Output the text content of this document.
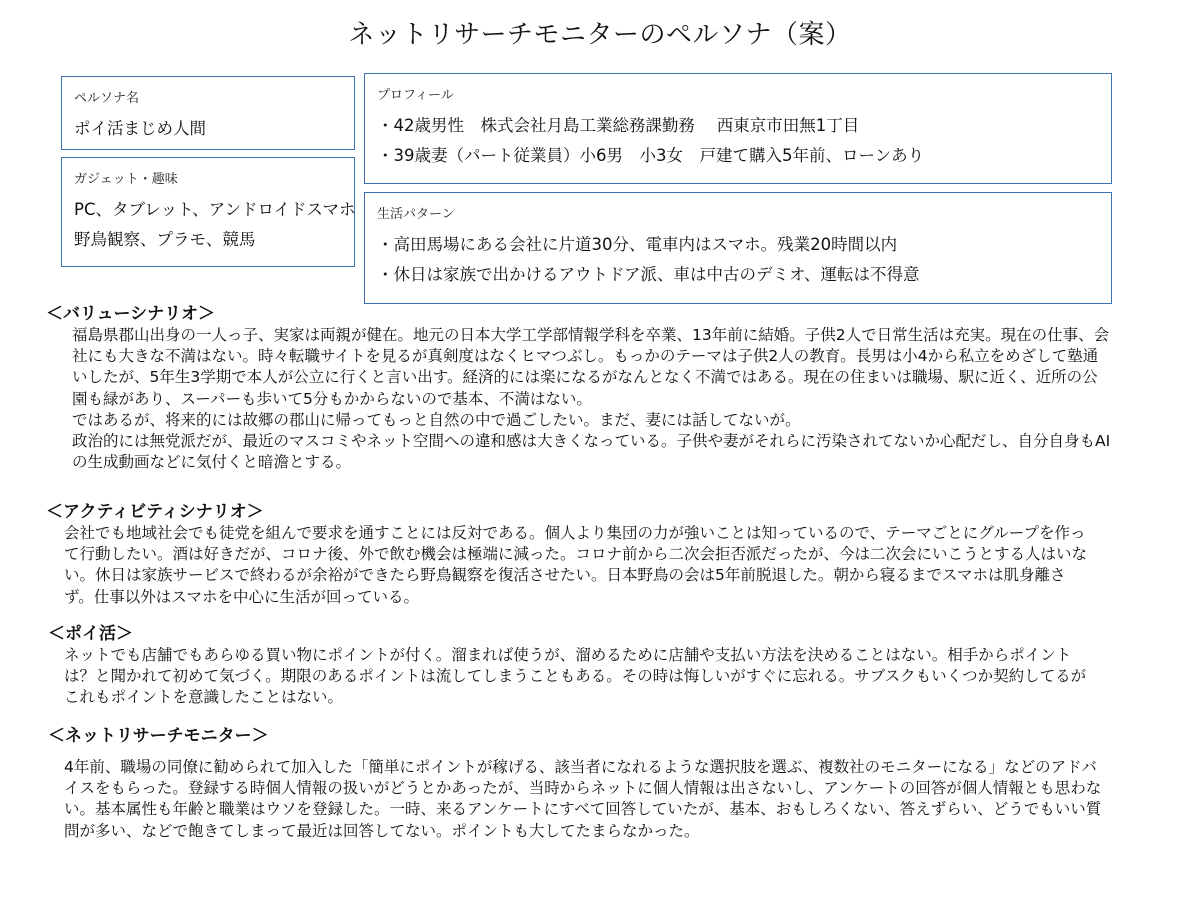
ネットリサーチモニターのペルソナ（案）
ペルソナ名
ポイ活まじめ人間
ガジェット・趣味
PC、タブレット、アンドロイドスマホ
野鳥観察、プラモ、競馬
プロフィール
・42歳男性　株式会社月島工業総務課勤務　 西東京市田無1丁目
・39歳妻（パート従業員）小6男　小3女　戸建て購入5年前、ローンあり
生活パターン
・高田馬場にある会社に片道30分、電車内はスマホ。残業20時間以内
・休日は家族で出かけるアウトドア派、車は中古のデミオ、運転は不得意
＜バリューシナリオ＞
福島県郡山出身の一人っ子、実家は両親が健在。地元の日本大学工学部情報学科を卒業、13年前に結婚。子供2人で日常生活は充実。現在の仕事、会社にも大きな不満はない。時々転職サイトを見るが真剣度はなくヒマつぶし。もっかのテーマは子供2人の教育。長男は小4から私立をめざして塾通いしたが、5年生3学期で本人が公立に行くと言い出す。経済的には楽になるがなんとなく不満ではある。現在の住まいは職場、駅に近く、近所の公園も緑があり、スーパーも歩いて5分もかからないので基本、不満はない。
ではあるが、将来的には故郷の郡山に帰ってもっと自然の中で過ごしたい。まだ、妻には話してないが。
政治的には無党派だが、最近のマスコミやネット空間への違和感は大きくなっている。子供や妻がそれらに汚染されてないか心配だし、自分自身もAIの生成動画などに気付くと暗澹とする。
＜アクティビティシナリオ＞
会社でも地域社会でも徒党を組んで要求を通すことには反対である。個人より集団の力が強いことは知っているので、テーマごとにグループを作って行動したい。酒は好きだが、コロナ後、外で飲む機会は極端に減った。コロナ前から二次会拒否派だったが、今は二次会にいこうとする人はいない。休日は家族サービスで終わるが余裕ができたら野鳥観察を復活させたい。日本野鳥の会は5年前脱退した。朝から寝るまでスマホは肌身離さず。仕事以外はスマホを中心に生活が回っている。
＜ポイ活＞
ネットでも店舗でもあらゆる買い物にポイントが付く。溜まれば使うが、溜めるために店舗や支払い方法を決めることはない。相手からポイントは？と聞かれて初めて気づく。期限のあるポイントは流してしまうこともある。その時は悔しいがすぐに忘れる。サブスクもいくつか契約してるがこれもポイントを意識したことはない。
＜ネットリサーチモニター＞
4年前、職場の同僚に勧められて加入した「簡単にポイントが稼げる、該当者になれるような選択肢を選ぶ、複数社のモニターになる」などのアドバイスをもらった。登録する時個人情報の扱いがどうとかあったが、当時からネットに個人情報は出さないし、アンケートの回答が個人情報とも思わない。基本属性も年齢と職業はウソを登録した。一時、来るアンケートにすべて回答していたが、基本、おもしろくない、答えずらい、どうでもいい質問が多い、などで飽きてしまって最近は回答してない。ポイントも大してたまらなかった。
